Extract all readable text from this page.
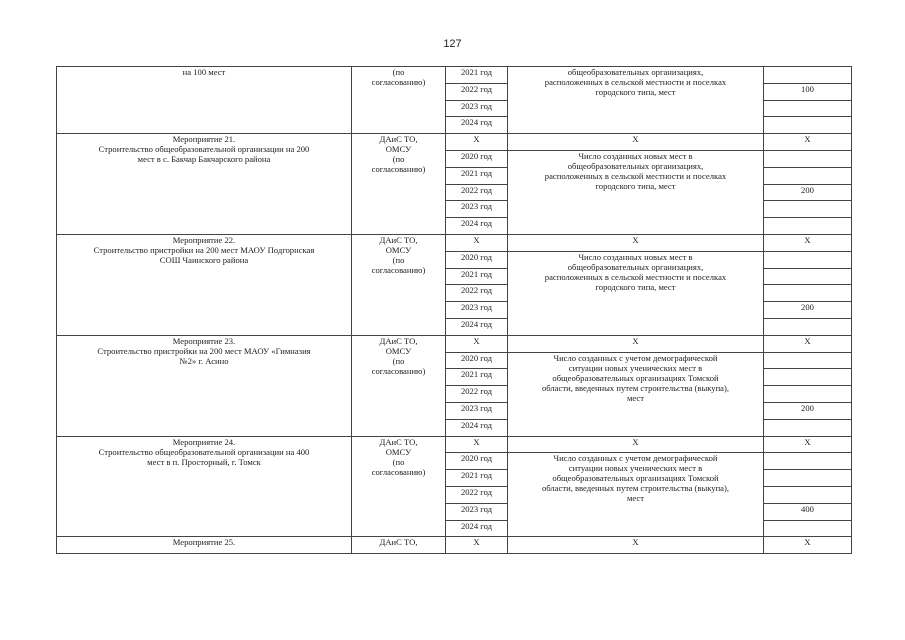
127
на 100 мест	(по
согласованию)	2021 год	общеобразовательных организациях,
расположенных в сельской местности и поселках
городского типа, мест	

		2022 год		100
		2023 год		
		2024 год		

Мероприятие 21.
Строительство общеобразовательной организации на 200
мест в с. Бакчар Бакчарского района	ДАиС ТО,
ОМСУ
(по
согласованию)	X	X	X
		2020 год	Число созданных новых мест в
общеобразовательных организациях,
расположенных в сельской местности и поселках
городского типа, мест	

		2021 год		
		2022 год		200
		2023 год		
		2024 год		

Мероприятие 22.
Строительство пристройки на 200 мест МАОУ Подгорнская
СОШ Чаинского района	ДАиС ТО,
ОМСУ
(по
согласованию)	X	X	X
		2020 год	Число созданных новых мест в
общеобразовательных организациях,
расположенных в сельской местности и поселках
городского типа, мест	

		2021 год		
		2022 год		
		2023 год		200
		2024 год		

Мероприятие 23.
Строительство пристройки на 200 мест МАОУ «Гимназия
№2» г. Асино	ДАиС ТО,
ОМСУ
(по
согласованию)	X	X	X
		2020 год	Число созданных с учетом демографической
ситуации новых ученических мест в
общеобразовательных организациях Томской
области, введенных путем строительства (выкупа),
мест	

		2021 год		
		2022 год		
		2023 год		200
		2024 год		

Мероприятие 24.
Строительство общеобразовательной организации на 400
мест в п. Просторный, г. Томск	ДАиС ТО,
ОМСУ
(по
согласованию)	X	X	X
		2020 год	Число созданных с учетом демографической
ситуации новых ученических мест в
общеобразовательных организациях Томской
области, введенных путем строительства (выкупа),
мест	

		2021 год		
		2022 год		
		2023 год		400
		2024 год		

Мероприятие 25.	ДАиС ТО,	X	X	X
